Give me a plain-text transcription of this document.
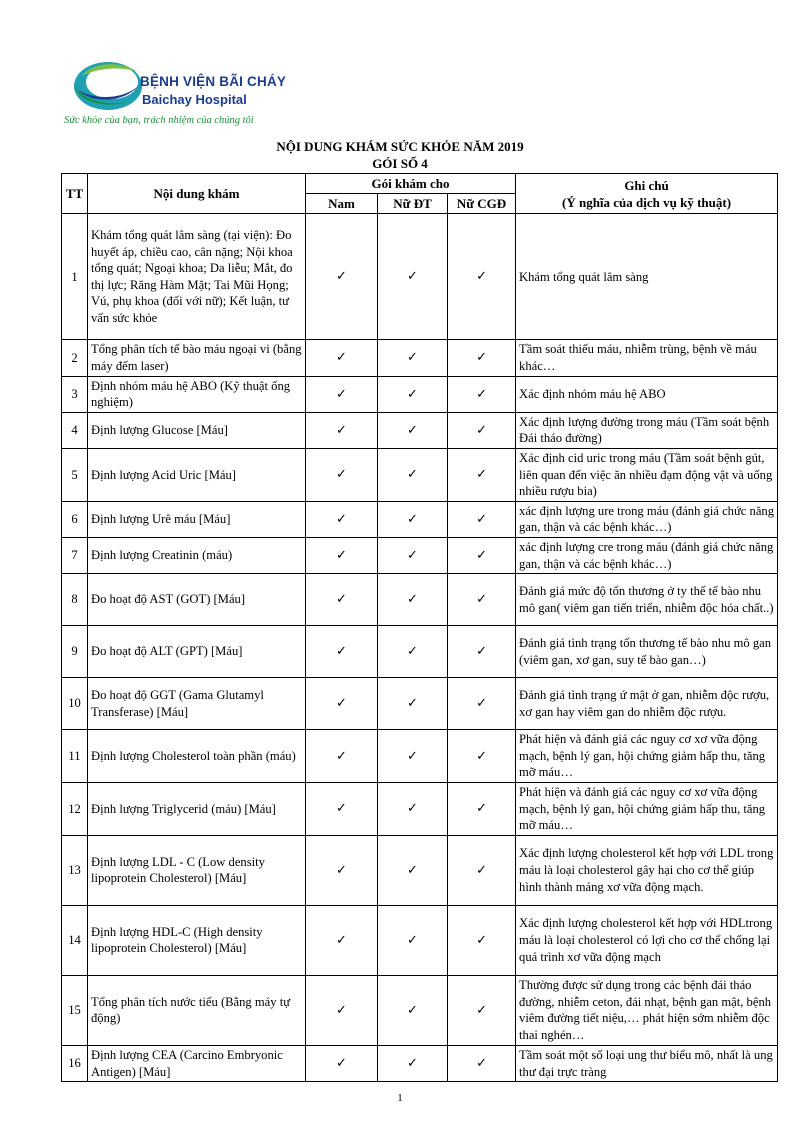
BỆNH VIỆN BÃI CHÁY
Baichay Hospital
Sức khỏe của bạn, trách nhiệm của chúng tôi
NỘI DUNG KHÁM SỨC KHỎE NĂM 2019
GÓI SỐ 4
TT	Nội dung khám	Gói khám cho			Ghi chú
(Ý nghĩa của dịch vụ kỹ thuật)
		Nam	Nữ ĐT	Nữ CGĐ	
1	Khám tổng quát lâm sàng (tại viện): Đo huyết áp, chiều cao, cân nặng; Nội khoa tổng quát; Ngoại khoa; Da liễu; Mắt, đo thị lực; Răng Hàm Mặt; Tai Mũi Họng; Vú, phụ khoa (đối với nữ); Kết luận, tư vấn sức khỏe	✓	✓	✓	Khám tổng quát lâm sàng
2	Tổng phân tích tế bào máu ngoại vi (bằng máy đếm laser)	✓	✓	✓	Tầm soát thiếu máu, nhiễm trùng, bệnh về máu khác…
3	Định nhóm máu hệ ABO (Kỹ thuật ống nghiệm)	✓	✓	✓	Xác định nhóm máu hệ ABO
4	Định lượng Glucose [Máu]	✓	✓	✓	Xác định lượng đường trong máu (Tầm soát bệnh Đái tháo đường)
5	Định lượng Acid Uric [Máu]	✓	✓	✓	Xác định cid uric trong máu (Tầm soát bệnh gút, liên quan đến việc ăn nhiều đạm động vật và uống nhiều rượu bia)
6	Định lượng Urê máu [Máu]	✓	✓	✓	xác định lượng ure trong máu (đánh giá chức năng gan, thận và các bệnh khác…)
7	Định lượng Creatinin (máu)	✓	✓	✓	xác định lượng cre trong máu (đánh giá chức năng gan, thận và các bệnh khác…)
8	Đo hoạt độ AST (GOT) [Máu]	✓	✓	✓	Đánh giá mức độ tổn thương ở ty thể tế bào nhu mô gan( viêm gan tiến triển, nhiễm độc hóa chất..)
9	Đo hoạt độ ALT (GPT) [Máu]	✓	✓	✓	Đánh giá tình trạng tổn thương tế bào nhu mô gan (viêm gan, xơ gan, suy tế bào gan…)
10	Đo hoạt độ GGT (Gama Glutamyl Transferase) [Máu]	✓	✓	✓	Đánh giá tình trạng ứ mật ở gan, nhiễm độc rượu, xơ gan hay viêm gan do nhiễm độc rượu.
11	Định lượng Cholesterol toàn phần (máu)	✓	✓	✓	Phát hiện và đánh giá các nguy cơ xơ vữa động mạch, bệnh lý gan, hội chứng giảm hấp thu, tăng mỡ máu…
12	Định lượng Triglycerid (máu) [Máu]	✓	✓	✓	Phát hiện và đánh giá các nguy cơ xơ vữa động mạch, bệnh lý gan, hội chứng giảm hấp thu, tăng mỡ máu…
13	Định lượng LDL - C (Low density lipoprotein Cholesterol) [Máu]	✓	✓	✓	Xác định lượng cholesterol kết hợp với LDL trong máu là loại cholesterol gây hại cho cơ thể giúp hình thành máng xơ vữa động mạch.
14	Định lượng HDL-C (High density lipoprotein Cholesterol) [Máu]	✓	✓	✓	Xác định lượng cholesterol kết hợp với HDLtrong máu là loại cholesterol có lợi cho cơ thể chống lại quá trình xơ vữa động mạch
15	Tổng phân tích nước tiểu (Bằng máy tự động)	✓	✓	✓	Thường được sử dụng trong các bệnh đái tháo đường, nhiễm ceton, đái nhạt, bệnh gan mật, bệnh viêm đường tiết niệu,… phát hiện sớm nhiễm độc thai nghén…
16	Định lượng CEA (Carcino Embryonic Antigen) [Máu]	✓	✓	✓	Tầm soát một số loại ung thư biểu mô, nhất là ung thư đại trực tràng
1
